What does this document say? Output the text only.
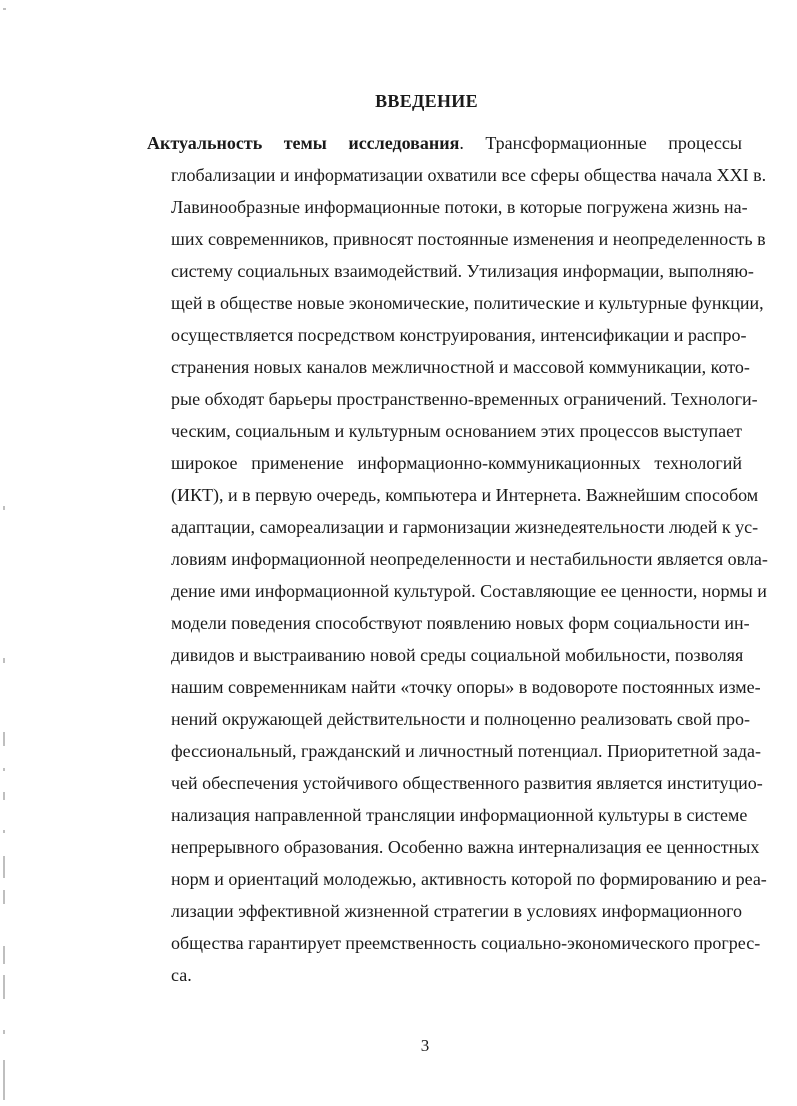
ВВЕДЕНИЕ
Актуальность темы исследования. Трансформационные процессы
глобализации и информатизации охватили все сферы общества начала XXI в.
Лавинообразные информационные потоки, в которые погружена жизнь на-
ших современников, привносят постоянные изменения и неопределенность в
систему социальных взаимодействий. Утилизация информации, выполняю-
щей в обществе новые экономические, политические и культурные функции,
осуществляется посредством конструирования, интенсификации и распро-
странения новых каналов межличностной и массовой коммуникации, кото-
рые обходят барьеры пространственно-временных ограничений. Технологи-
ческим, социальным и культурным основанием этих процессов выступает
широкое применение информационно-коммуникационных технологий
(ИКТ), и в первую очередь, компьютера и Интернета. Важнейшим способом
адаптации, самореализации и гармонизации жизнедеятельности людей к ус-
ловиям информационной неопределенности и нестабильности является овла-
дение ими информационной культурой. Составляющие ее ценности, нормы и
модели поведения способствуют появлению новых форм социальности ин-
дивидов и выстраиванию новой среды социальной мобильности, позволяя
нашим современникам найти «точку опоры» в водовороте постоянных изме-
нений окружающей действительности и полноценно реализовать свой про-
фессиональный, гражданский и личностный потенциал. Приоритетной зада-
чей обеспечения устойчивого общественного развития является институцио-
нализация направленной трансляции информационной культуры в системе
непрерывного образования. Особенно важна интернализация ее ценностных
норм и ориентаций молодежью, активность которой по формированию и реа-
лизации эффективной жизненной стратегии в условиях информационного
общества гарантирует преемственность социально-экономического прогрес-
са.
3
